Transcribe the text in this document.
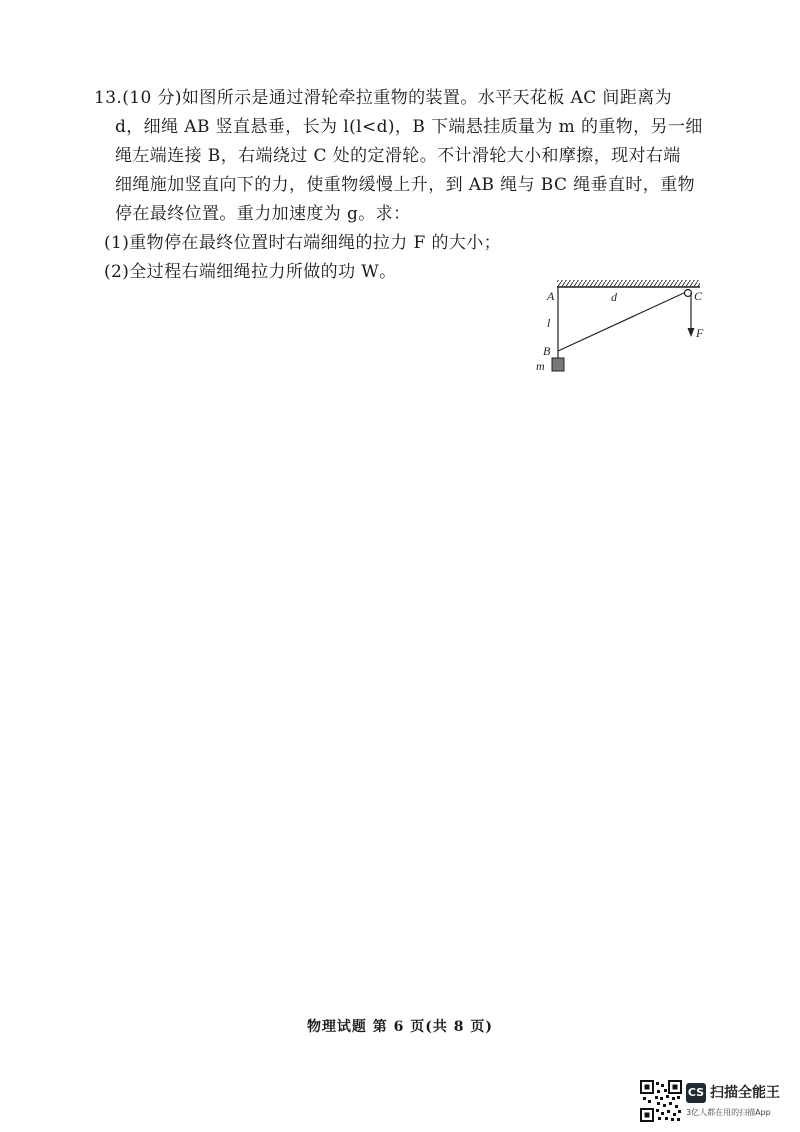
13.(10 分)如图所示是通过滑轮牵拉重物的装置。水平天花板 AC 间距离为
d，细绳 AB 竖直悬垂，长为 l(l<d)，B 下端悬挂质量为 m 的重物，另一细
绳左端连接 B，右端绕过 C 处的定滑轮。不计滑轮大小和摩擦，现对右端
细绳施加竖直向下的力，使重物缓慢上升，到 AB 绳与 BC 绳垂直时，重物
停在最终位置。重力加速度为 g。求：
(1)重物停在最终位置时右端细绳的拉力 F 的大小；
(2)全过程右端细绳拉力所做的功 W。
A	d	C
l
B
m
F
物理试题 第 6 页(共 8 页)
CS 扫描全能王
3亿人都在用的扫描App
